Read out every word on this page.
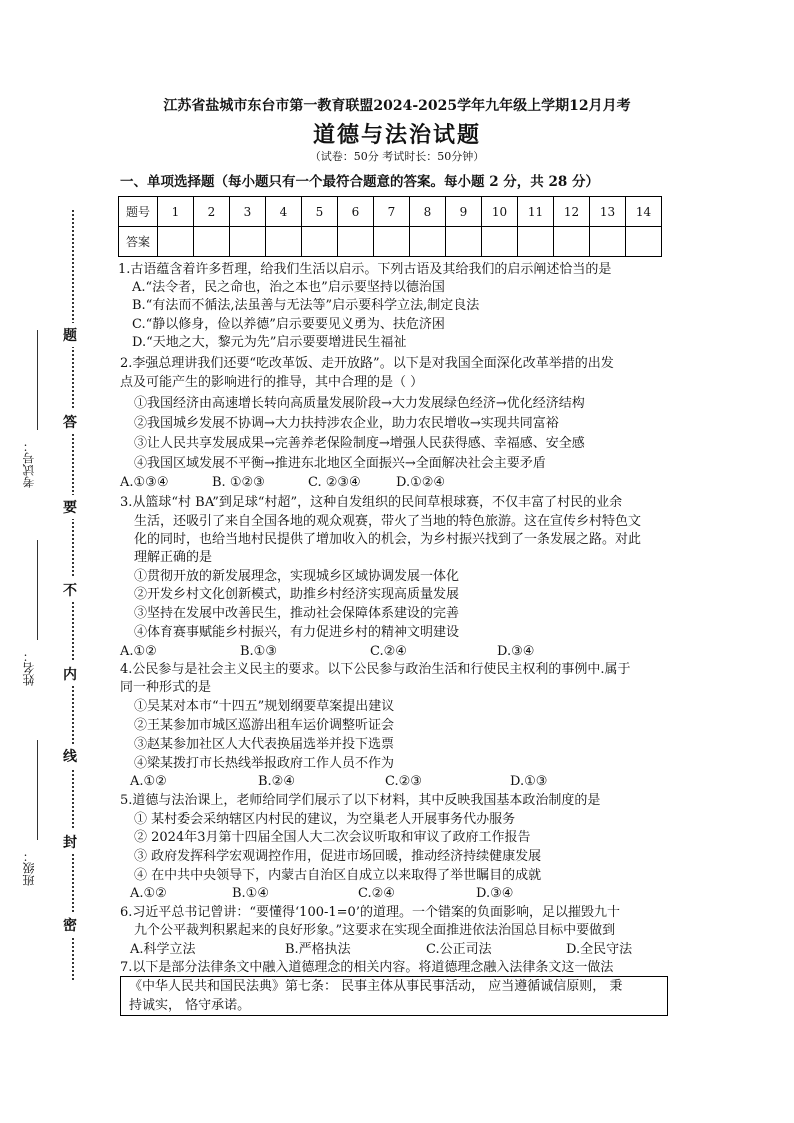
题
答
要
不
内
线
封
密
考试号：
姓名：
班级：
江苏省盐城市东台市第一教育联盟2024-2025学年九年级上学期12月月考
道德与法治试题
（试卷：50分 考试时长：50分钟）
一、单项选择题（每小题只有一个最符合题意的答案。每小题 2 分，共 28 分）
题号	1	2	3	4	5	6	7	8	9	10	11	12	13	14
答案														
1.古语蕴含着许多哲理，给我们生活以启示。下列古语及其给我们的启示阐述恰当的是
A.“法令者，民之命也，治之本也”启示要坚持以德治国
B.“有法而不循法,法虽善与无法等”启示要科学立法,制定良法
C.“静以修身，俭以养德”启示要要见义勇为、扶危济困
D.“天地之大，黎元为先”启示要要增进民生福祉
2.李强总理讲我们还要“吃改革饭、走开放路”。以下是对我国全面深化改革举措的出发
点及可能产生的影响进行的推导，其中合理的是（ ）
①我国经济由高速增长转向高质量发展阶段→大力发展绿色经济→优化经济结构
②我国城乡发展不协调→大力扶持涉农企业，助力农民增收→实现共同富裕
③让人民共享发展成果→完善养老保险制度→增强人民获得感、幸福感、安全感
④我国区域发展不平衡→推进东北地区全面振兴→全面解决社会主要矛盾
A.①③④	B. ①②③	C. ②③④	D.①②④
3.从篮球“村 BA”到足球“村超”，这种自发组织的民间草根球赛，不仅丰富了村民的业余
生活，还吸引了来自全国各地的观众观赛，带火了当地的特色旅游。这在宣传乡村特色文
化的同时，也给当地村民提供了增加收入的机会，为乡村振兴找到了一条发展之路。对此
理解正确的是
①贯彻开放的新发展理念，实现城乡区域协调发展一体化
②开发乡村文化创新模式，助推乡村经济实现高质量发展
③坚持在发展中改善民生，推动社会保障体系建设的完善
④体育赛事赋能乡村振兴，有力促进乡村的精神文明建设
A.①②	B.①③	C.②④	D.③④
4.公民参与是社会主义民主的要求。以下公民参与政治生活和行使民主权利的事例中.属于
同一种形式的是
①吴某对本市“十四五”规划纲要草案提出建议
②王某参加市城区巡游出租车运价调整听证会
③赵某参加社区人大代表换届选举并投下选票
④梁某拨打市长热线举报政府工作人员不作为
A.①②	B.②④	C.②③	D.①③
5.道德与法治课上，老师给同学们展示了以下材料，其中反映我国基本政治制度的是
① 某村委会采纳辖区内村民的建议，为空巢老人开展事务代办服务
② 2024年3月第十四届全国人大二次会议听取和审议了政府工作报告
③ 政府发挥科学宏观调控作用，促进市场回暖，推动经济持续健康发展
④ 在中共中央领导下，内蒙古自治区自成立以来取得了举世瞩目的成就
A.①②	B.①④	C.②④	D.③④
6.习近平总书记曾讲：“要懂得‘100-1=0’的道理。一个错案的负面影响，足以摧毁九十
九个公平裁判积累起来的良好形象。”这要求在实现全面推进依法治国总目标中要做到
A.科学立法	B.严格执法	C.公正司法	D.全民守法
7.以下是部分法律条文中融入道德理念的相关内容。将道德理念融入法律条文这一做法
《中华人民共和国民法典》第七条： 民事主体从事民事活动， 应当遵循诚信原则， 秉
持诚实， 恪守承诺。
